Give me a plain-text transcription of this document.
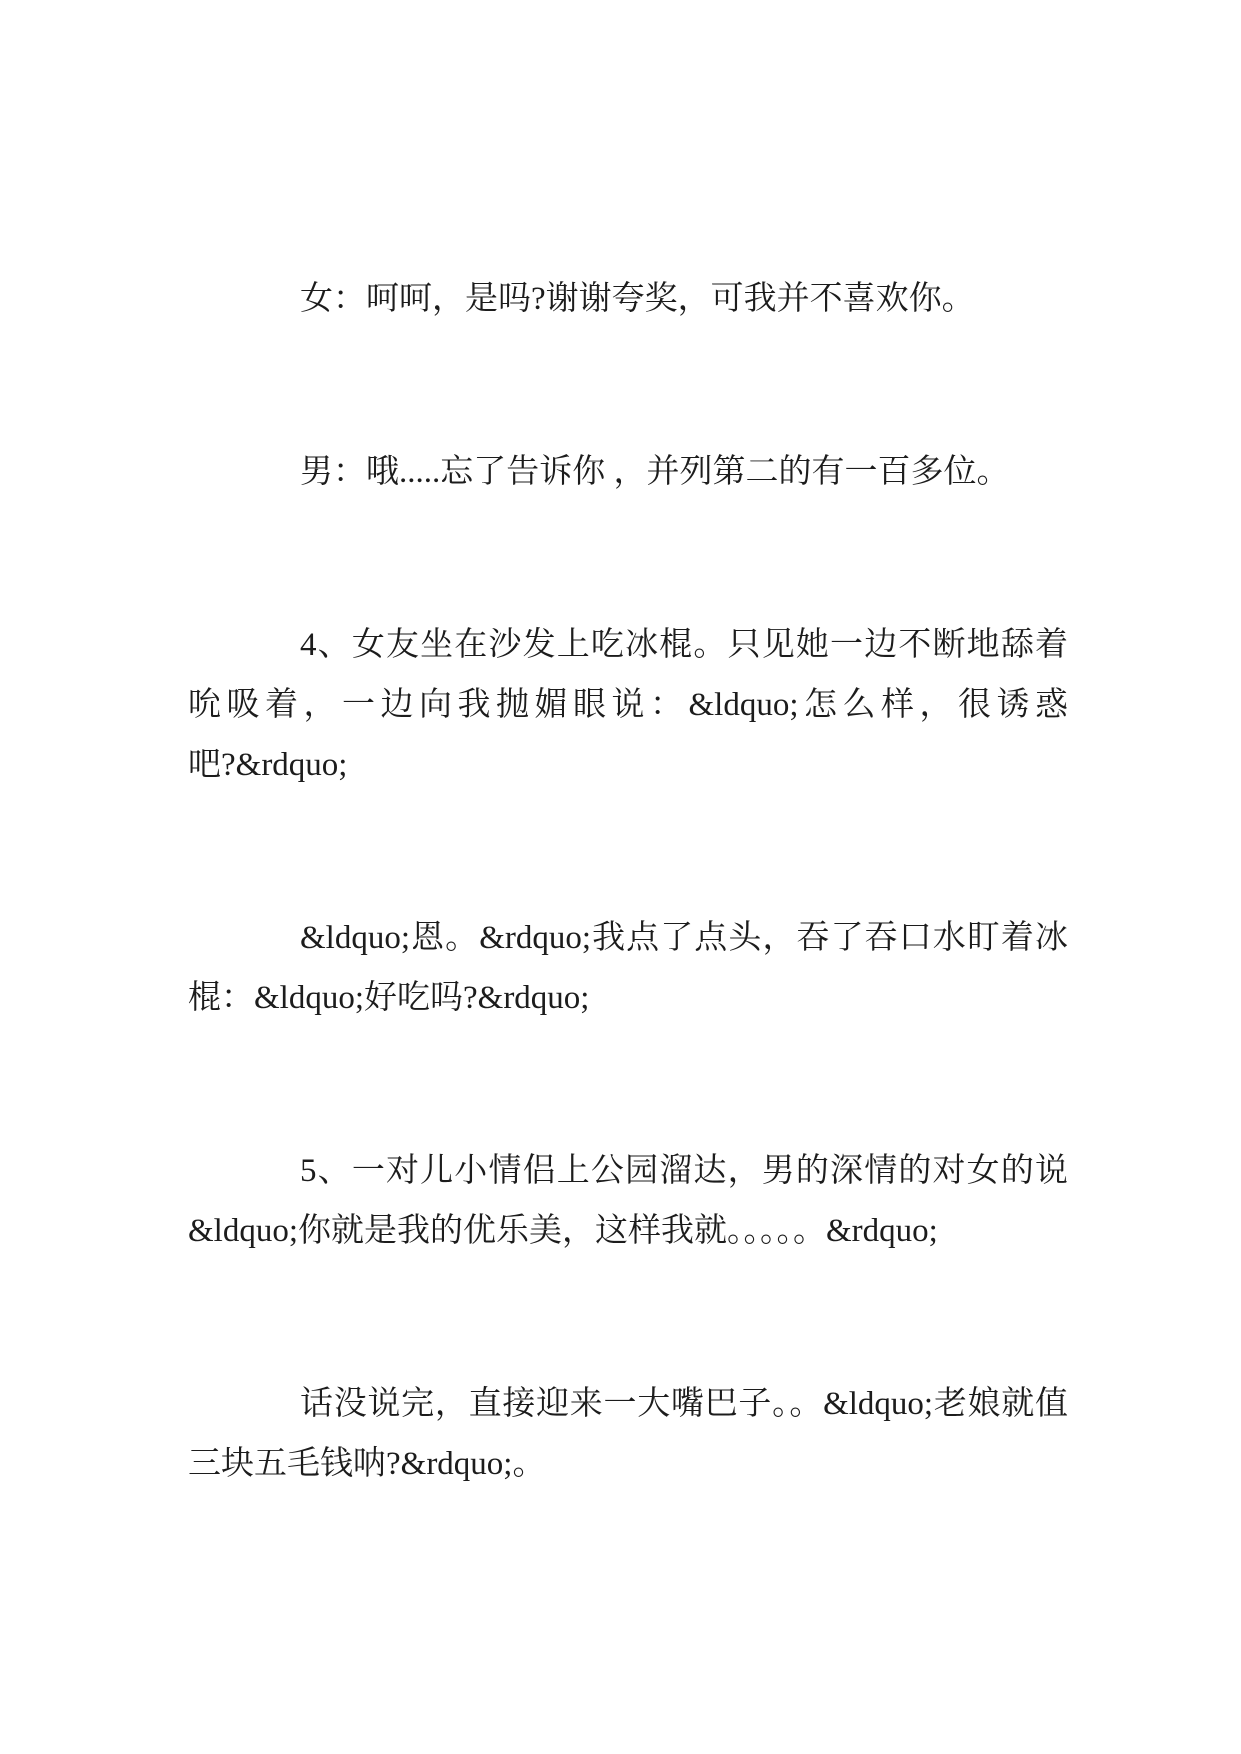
女：呵呵，是吗?谢谢夸奖，可我并不喜欢你。
男：哦.....忘了告诉你 ，并列第二的有一百多位。
4、女友坐在沙发上吃冰棍。只见她一边不断地舔着
吮吸着，一边向我抛媚眼说：&ldquo;怎么样，很诱惑
吧?&rdquo;
&ldquo;恩。&rdquo;我点了点头，吞了吞口水盯着冰
棍：&ldquo;好吃吗?&rdquo;
5、一对儿小情侣上公园溜达，男的深情的对女的说
&ldquo;你就是我的优乐美，这样我就。。。。。&rdquo;
话没说完，直接迎来一大嘴巴子。。&ldquo;老娘就值
三块五毛钱呐?&rdquo;。
